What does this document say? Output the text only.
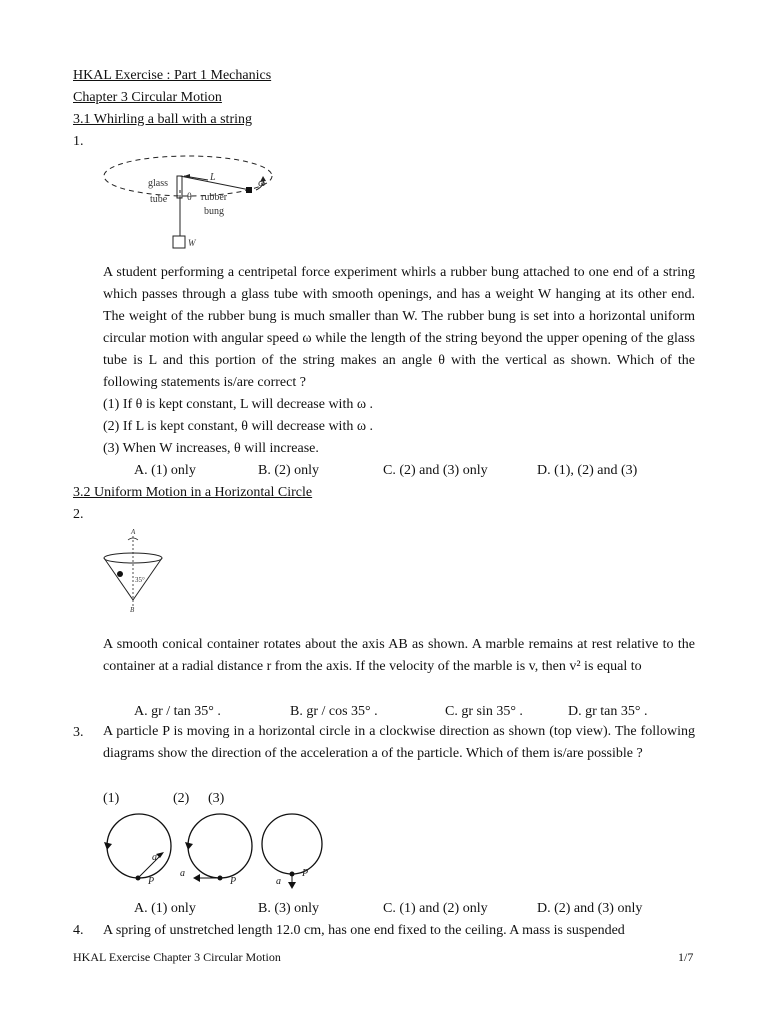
HKAL Exercise : Part 1 Mechanics
Chapter 3 Circular Motion
3.1 Whirling a ball with a string
1.
glass
tube
L	ω
θ rubber
bung
W
A student performing a centripetal force experiment whirls a rubber bung attached to one end of a string which passes through a glass tube with smooth openings, and has a weight W hanging at its other end. The weight of the rubber bung is much smaller than W. The rubber bung is set into a horizontal uniform circular motion with angular speed ω while the length of the string beyond the upper opening of the glass tube is L and this portion of the string makes an angle θ with the vertical as shown. Which of the following statements is/are correct ?
(1) If θ is kept constant, L will decrease with ω .
(2) If L is kept constant, θ will decrease with ω .
(3) When W increases, θ will increase.
A. (1) only	B. (2) only	C. (2) and (3) only	D. (1), (2) and (3)
3.2 Uniform Motion in a Horizontal Circle
2.
A
35°
B
A smooth conical container rotates about the axis AB as shown. A marble remains at rest relative to the container at a radial distance r from the axis. If the velocity of the marble is v, then v² is equal to
A. gr / tan 35° .	B. gr / cos 35° .	C. gr sin 35° .	D. gr tan 35° .
3. A particle P is moving in a horizontal circle in a clockwise direction as shown (top view). The following diagrams show the direction of the acceleration a of the particle. Which of them is/are possible ?
(1)	(2) (3)
a
P
a
P	a
P
A. (1) only	B. (3) only	C. (1) and (2) only	D. (2) and (3) only
4. A spring of unstretched length 12.0 cm, has one end fixed to the ceiling. A mass is suspended
HKAL Exercise Chapter 3 Circular Motion	1/7
